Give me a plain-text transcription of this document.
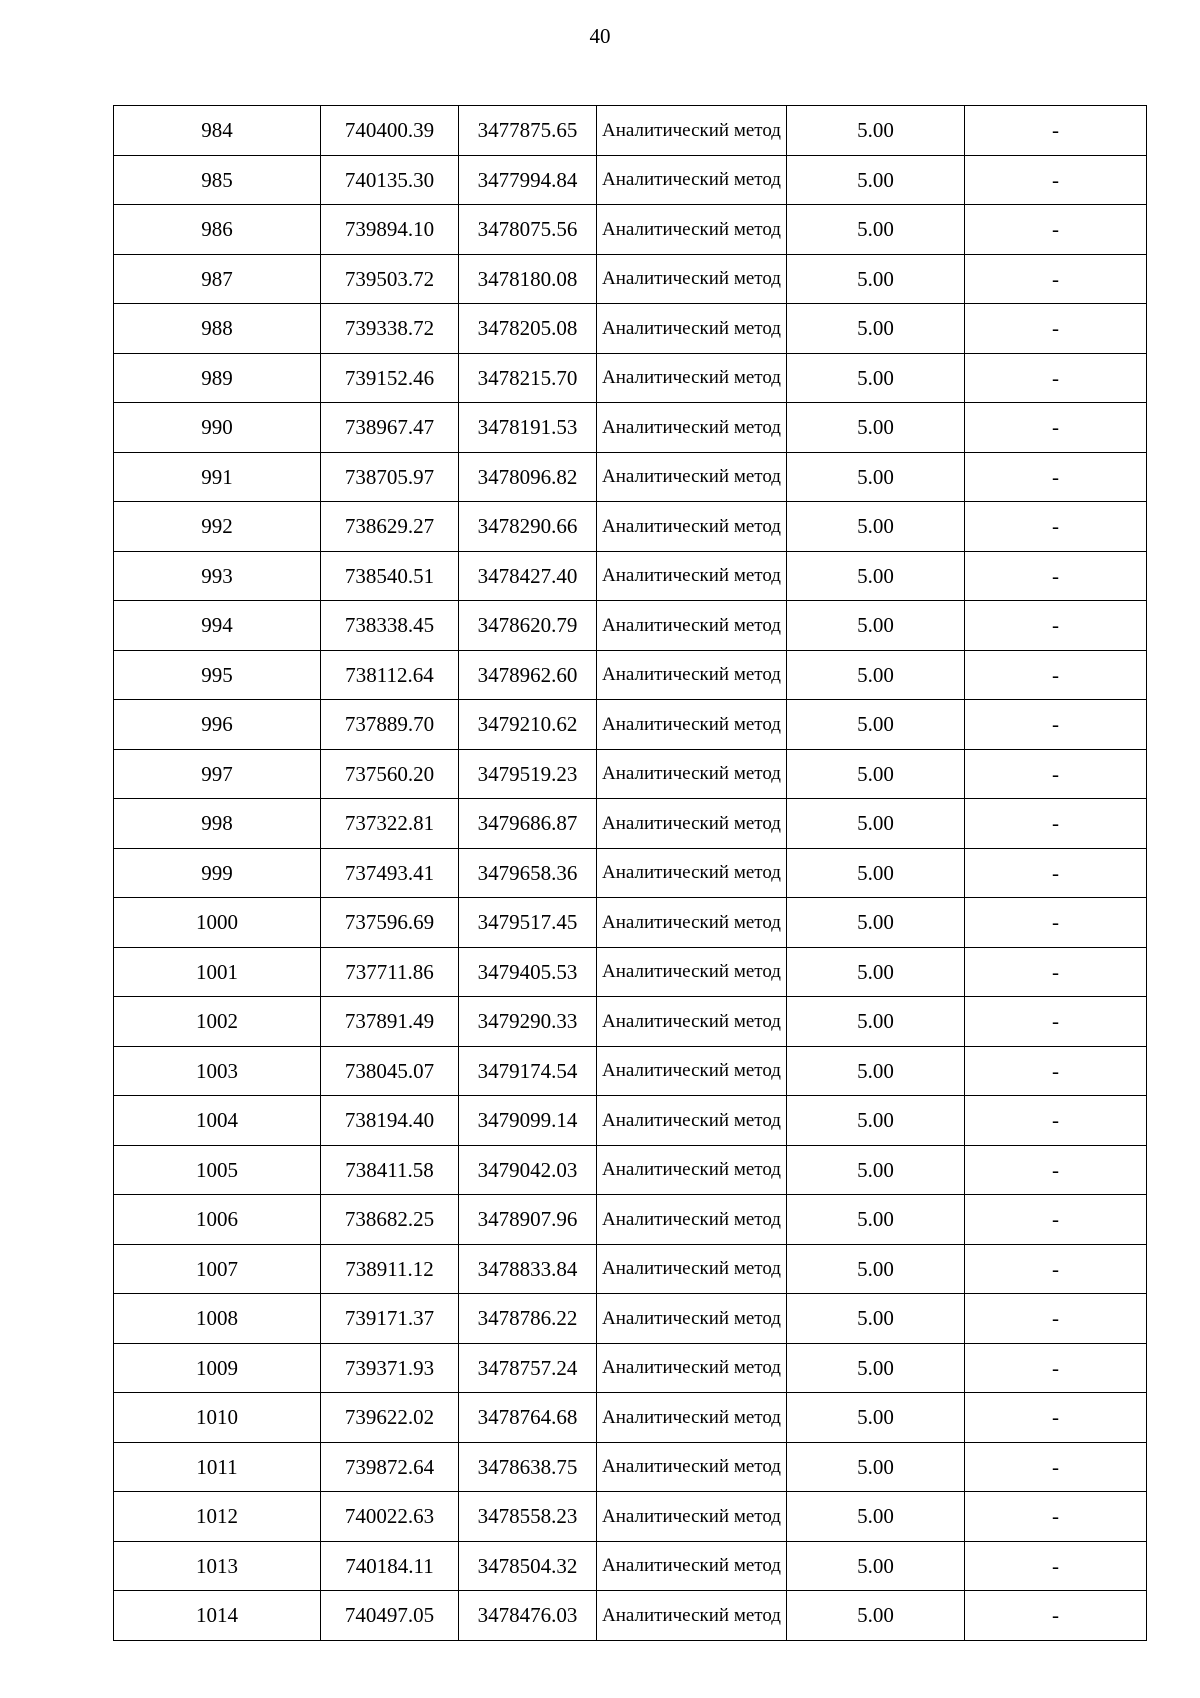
40
984	740400.39	3477875.65	Аналитический метод	5.00	-
985	740135.30	3477994.84	Аналитический метод	5.00	-
986	739894.10	3478075.56	Аналитический метод	5.00	-
987	739503.72	3478180.08	Аналитический метод	5.00	-
988	739338.72	3478205.08	Аналитический метод	5.00	-
989	739152.46	3478215.70	Аналитический метод	5.00	-
990	738967.47	3478191.53	Аналитический метод	5.00	-
991	738705.97	3478096.82	Аналитический метод	5.00	-
992	738629.27	3478290.66	Аналитический метод	5.00	-
993	738540.51	3478427.40	Аналитический метод	5.00	-
994	738338.45	3478620.79	Аналитический метод	5.00	-
995	738112.64	3478962.60	Аналитический метод	5.00	-
996	737889.70	3479210.62	Аналитический метод	5.00	-
997	737560.20	3479519.23	Аналитический метод	5.00	-
998	737322.81	3479686.87	Аналитический метод	5.00	-
999	737493.41	3479658.36	Аналитический метод	5.00	-
1000	737596.69	3479517.45	Аналитический метод	5.00	-
1001	737711.86	3479405.53	Аналитический метод	5.00	-
1002	737891.49	3479290.33	Аналитический метод	5.00	-
1003	738045.07	3479174.54	Аналитический метод	5.00	-
1004	738194.40	3479099.14	Аналитический метод	5.00	-
1005	738411.58	3479042.03	Аналитический метод	5.00	-
1006	738682.25	3478907.96	Аналитический метод	5.00	-
1007	738911.12	3478833.84	Аналитический метод	5.00	-
1008	739171.37	3478786.22	Аналитический метод	5.00	-
1009	739371.93	3478757.24	Аналитический метод	5.00	-
1010	739622.02	3478764.68	Аналитический метод	5.00	-
1011	739872.64	3478638.75	Аналитический метод	5.00	-
1012	740022.63	3478558.23	Аналитический метод	5.00	-
1013	740184.11	3478504.32	Аналитический метод	5.00	-
1014	740497.05	3478476.03	Аналитический метод	5.00	-
